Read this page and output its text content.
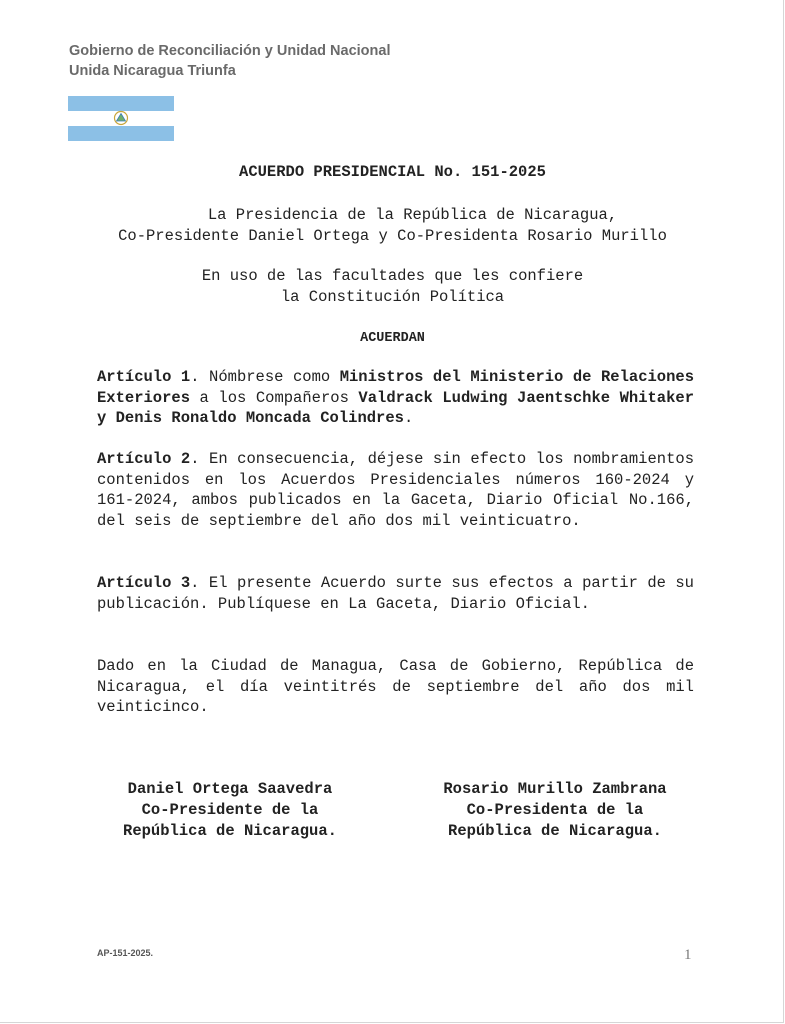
Gobierno de Reconciliación y Unidad Nacional
Unida Nicaragua Triunfa
ACUERDO PRESIDENCIAL No. 151-2025
La Presidencia de la República de Nicaragua,
Co-Presidente Daniel Ortega y Co-Presidenta Rosario Murillo
En uso de las facultades que les confiere
la Constitución Política
ACUERDAN
Artículo 1. Nómbrese como Ministros del Ministerio de Relaciones Exteriores a los Compañeros Valdrack Ludwing Jaentschke Whitaker y Denis Ronaldo Moncada Colindres.
Artículo 2. En consecuencia, déjese sin efecto los nombramientos contenidos en los Acuerdos Presidenciales números 160-2024 y 161-2024, ambos publicados en la Gaceta, Diario Oficial No.166, del seis de septiembre del año dos mil veinticuatro.
Artículo 3. El presente Acuerdo surte sus efectos a partir de su publicación. Publíquese en La Gaceta, Diario Oficial.
Dado en la Ciudad de Managua, Casa de Gobierno, República de Nicaragua, el día veintitrés de septiembre del año dos mil veinticinco.
Daniel Ortega Saavedra
Co-Presidente de la
República de Nicaragua.
Rosario Murillo Zambrana
Co-Presidenta de la
República de Nicaragua.
AP-151-2025.	1
